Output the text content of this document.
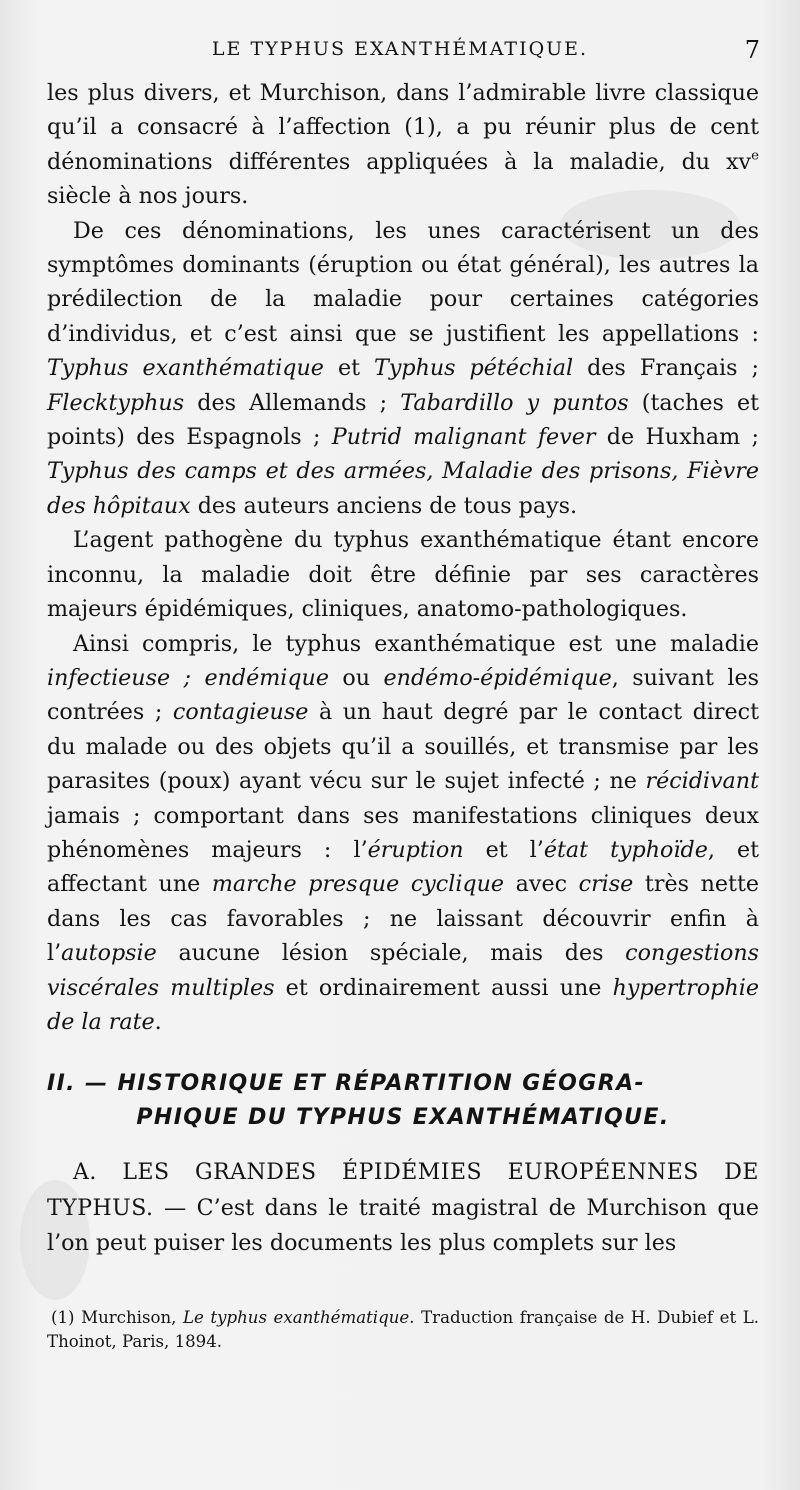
LE TYPHUS EXANTHÉMATIQUE.	7

les plus divers, et Murchison, dans l’admirable livre classique qu’il a consacré à l’affection (1), a pu réunir plus de cent dénominations différentes appliquées à la maladie, du $xv^e$ siècle à nos jours.

De ces dénominations, les unes caractérisent un des symptômes dominants (éruption ou état général), les autres la prédilection de la maladie pour certaines catégories d’individus, et c’est ainsi que se justifient les appellations : Typhus exanthématique et Typhus pétéchial des Français ; Flecktyphus des Allemands ; Tabardillo y puntos (taches et points) des Espagnols ; Putrid malignant fever de Huxham ; Typhus des camps et des armées, Maladie des prisons, Fièvre des hôpitaux des auteurs anciens de tous pays.

L’agent pathogène du typhus exanthématique étant encore inconnu, la maladie doit être définie par ses caractères majeurs épidémiques, cliniques, anatomo-pathologiques.

Ainsi compris, le typhus exanthématique est une maladie infectieuse ; endémique ou endémo-épidémique, suivant les contrées ; contagieuse à un haut degré par le contact direct du malade ou des objets qu’il a souillés, et transmise par les parasites (poux) ayant vécu sur le sujet infecté ; ne récidivant jamais ; comportant dans ses manifestations cliniques deux phénomènes majeurs : l’éruption et l’état typhoïde, et affectant une marche presque cyclique avec crise très nette dans les cas favorables ; ne laissant découvrir enfin à l’autopsie aucune lésion spéciale, mais des congestions viscérales multiples et ordinairement aussi une hypertrophie de la rate.

II. — HISTORIQUE ET RÉPARTITION GÉOGRA-
PHIQUE DU TYPHUS EXANTHÉMATIQUE.

A. LES GRANDES ÉPIDÉMIES EUROPÉENNES DE TYPHUS. — C’est dans le traité magistral de Murchison que l’on peut puiser les documents les plus complets sur les

(1) Murchison, Le typhus exanthématique. Traduction française de H. Dubief et L. Thoinot, Paris, 1894.
